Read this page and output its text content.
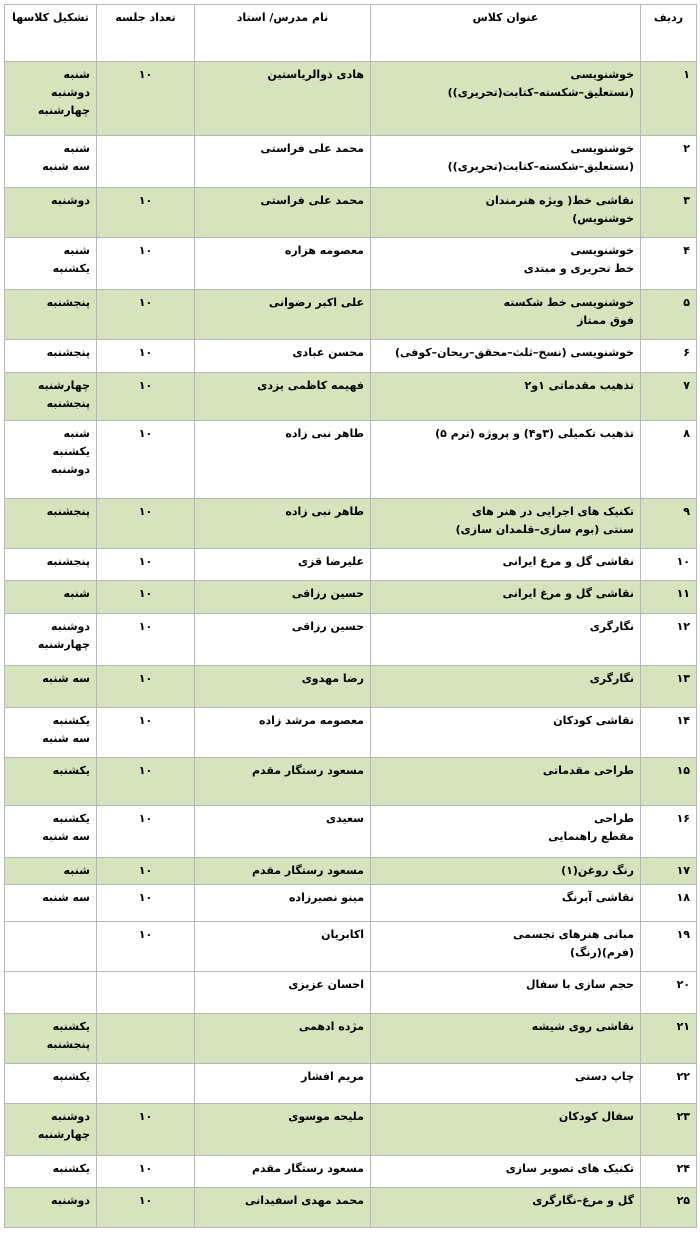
ردیف	عنوان کلاس	نام مدرس/ استاد	تعداد جلسه	تشکیل کلاسها
۱	خوشنویسی
(نستعلیق–شکسته–کتابت(تحریری))	هادی ذوالریاستین	۱۰	شنبه
دوشنبه
چهارشنبه

۲	خوشنویسی
(نستعلیق–شکسته–کتابت(تحریری))	محمد علی فراستی		شنبه
سه شنبه

۳	نقاشی خط( ویژه هنرمندان
خوشنویس)	محمد علی فراستی	۱۰	دوشنبه

۴	خوشنویسی
خط تحریری و مبتدی	معصومه هزاره	۱۰	شنبه
یکشنبه

۵	خوشنویسی خط شکسته
فوق ممتاز	علی اکبر رضوانی	۱۰	پنجشنبه

۶	خوشنویسی (نسخ–ثلث–محقق–ریحان–کوفی)	محسن عبادی	۱۰	پنجشنبه

۷	تذهیب مقدماتی ۱و۲	فهیمه کاظمی یزدی	۱۰	چهارشنبه
پنجشنبه

۸	تذهیب تکمیلی (۳و۴) و پروژه (ترم ۵)	طاهر نبی زاده	۱۰	شنبه
یکشنبه
دوشنبه

۹	تکنیک های اجرایی در هنر های
سنتی (بوم سازی–قلمدان سازی)	طاهر نبی زاده	۱۰	پنجشنبه

۱۰	نقاشی گل و مرغ ایرانی	علیرضا قزی	۱۰	پنجشنبه

۱۱	نقاشی گل و مرغ ایرانی	حسین رزاقی	۱۰	شنبه

۱۲	نگارگری	حسین رزاقی	۱۰	دوشنبه
چهارشنبه

۱۳	نگارگری	رضا مهدوی	۱۰	سه شنبه

۱۴	نقاشی کودکان	معصومه مرشد زاده	۱۰	یکشنبه
سه شنبه

۱۵	طراحی مقدماتی	مسعود رستگار مقدم	۱۰	یکشنبه

۱۶	طراحی
مقطع راهنمایی	سعیدی	۱۰	یکشنبه
سه شنبه

۱۷	رنگ روغن(۱)	مسعود رستگار مقدم	۱۰	شنبه

۱۸	نقاشی آبرنگ	مینو نصیرزاده	۱۰	سه شنبه

۱۹	مبانی هنرهای تجسمی
(فرم)(رنگ)	اکابریان	۱۰	
۲۰	حجم سازی با سفال	احسان عزیزی		
۲۱	نقاشی روی شیشه	مژده ادهمی		یکشنبه
پنجشنبه

۲۲	چاپ دستی	مریم افشار		یکشنبه

۲۳	سفال کودکان	ملیحه موسوی	۱۰	دوشنبه
چهارشنبه

۲۴	تکنیک های تصویر سازی	مسعود رستگار مقدم	۱۰	یکشنبه

۲۵	گل و مرغ–نگارگری	محمد مهدی اسفیدانی	۱۰	دوشنبه
